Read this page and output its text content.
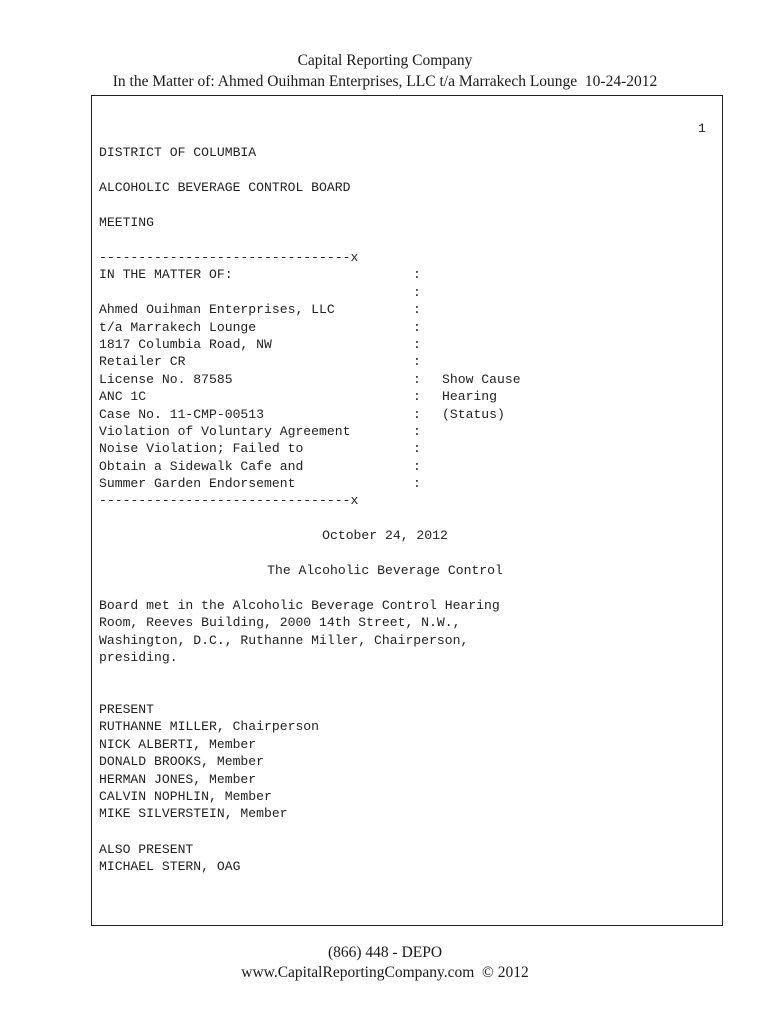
Capital Reporting Company
In the Matter of: Ahmed Ouihman Enterprises, LLC t/a Marrakech Lounge  10-24-2012
1
DISTRICT OF COLUMBIA
ALCOHOLIC BEVERAGE CONTROL BOARD
MEETING
--------------------------------x
IN THE MATTER OF:	:
:
Ahmed Ouihman Enterprises, LLC	:
t/a Marrakech Lounge	:
1817 Columbia Road, NW	:
Retailer CR	:
License No. 87585	: Show Cause
ANC 1C	: Hearing
Case No. 11-CMP-00513	: (Status)
Violation of Voluntary Agreement	:
Noise Violation; Failed to	:
Obtain a Sidewalk Cafe and	:
Summer Garden Endorsement	:
--------------------------------x
October 24, 2012
The Alcoholic Beverage Control
Board met in the Alcoholic Beverage Control Hearing
Room, Reeves Building, 2000 14th Street, N.W.,
Washington, D.C., Ruthanne Miller, Chairperson,
presiding.
PRESENT
RUTHANNE MILLER, Chairperson
NICK ALBERTI, Member
DONALD BROOKS, Member
HERMAN JONES, Member
CALVIN NOPHLIN, Member
MIKE SILVERSTEIN, Member
ALSO PRESENT
MICHAEL STERN, OAG
(866) 448 - DEPO
www.CapitalReportingCompany.com  © 2012
